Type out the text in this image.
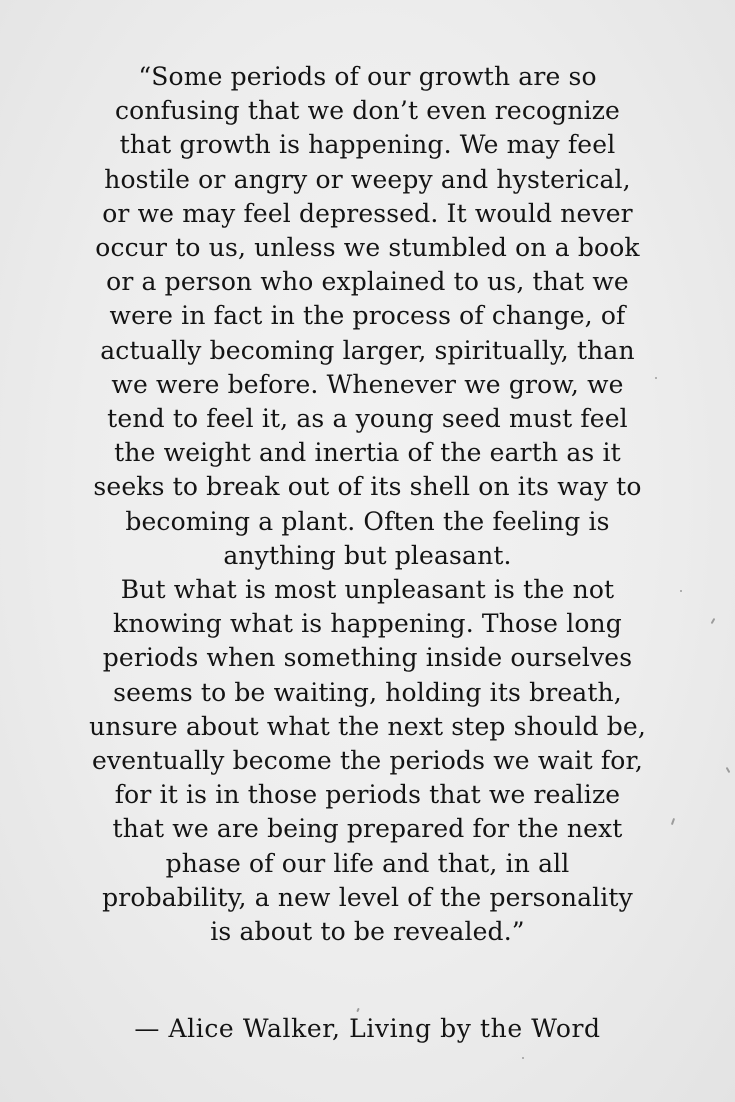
“Some periods of our growth are so
confusing that we don’t even recognize
that growth is happening. We may feel
hostile or angry or weepy and hysterical,
or we may feel depressed. It would never
occur to us, unless we stumbled on a book
or a person who explained to us, that we
were in fact in the process of change, of
actually becoming larger, spiritually, than
we were before. Whenever we grow, we
tend to feel it, as a young seed must feel
the weight and inertia of the earth as it
seeks to break out of its shell on its way to
becoming a plant. Often the feeling is
anything but pleasant.
But what is most unpleasant is the not
knowing what is happening. Those long
periods when something inside ourselves
seems to be waiting, holding its breath,
unsure about what the next step should be,
eventually become the periods we wait for,
for it is in those periods that we realize
that we are being prepared for the next
phase of our life and that, in all
probability, a new level of the personality
is about to be revealed.”
— Alice Walker, Living by the Word
